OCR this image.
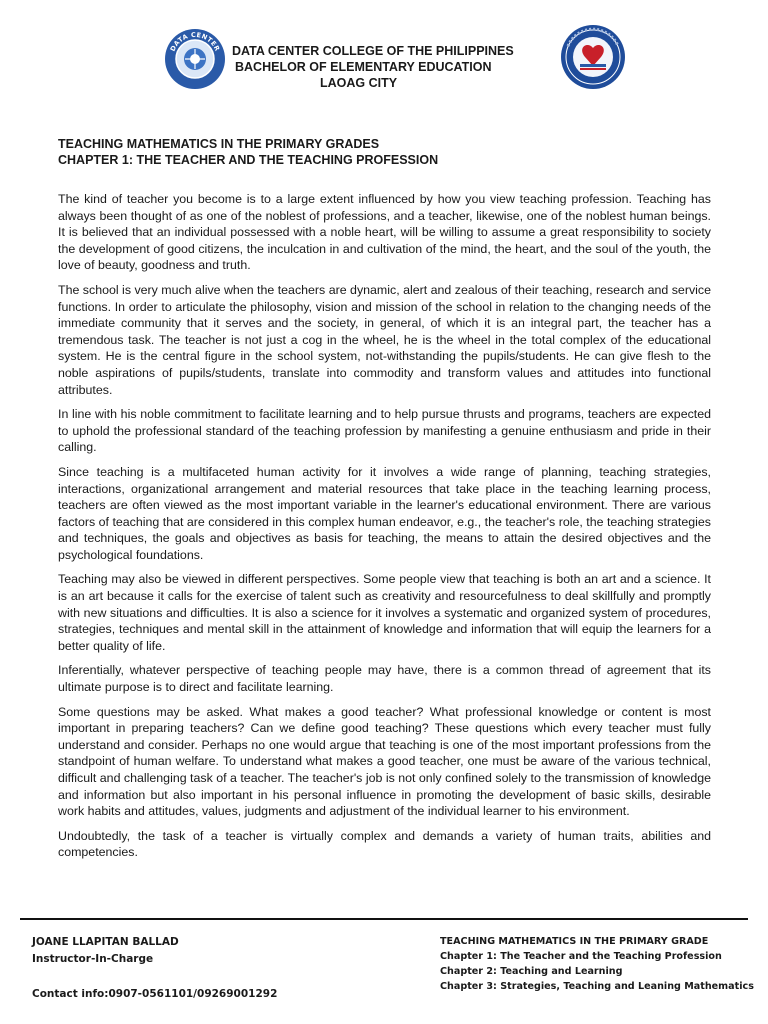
DATA CENTER DATA CENTER COLLEGE OF THE PHILIPPINES
BACHELOR OF ELEMENTARY EDUCATION
LAOAG CITY
TEACHING MATHEMATICS IN THE PRIMARY GRADES
CHAPTER 1: THE TEACHER AND THE TEACHING PROFESSION

The kind of teacher you become is to a large extent influenced by how you view teaching profession. Teaching has always been thought of as one of the noblest of professions, and a teacher, likewise, one of the noblest human beings. It is believed that an individual possessed with a noble heart, will be willing to assume a great responsibility to society the development of good citizens, the inculcation in and cultivation of the mind, the heart, and the soul of the youth, the love of beauty, goodness and truth.

The school is very much alive when the teachers are dynamic, alert and zealous of their teaching, research and service functions. In order to articulate the philosophy, vision and mission of the school in relation to the changing needs of the immediate community that it serves and the society, in general, of which it is an integral part, the teacher has a tremendous task. The teacher is not just a cog in the wheel, he is the wheel in the total complex of the educational system. He is the central figure in the school system, not-withstanding the pupils/students. He can give flesh to the noble aspirations of pupils/students, translate into commodity and transform values and attitudes into functional attributes.

In line with his noble commitment to facilitate learning and to help pursue thrusts and programs, teachers are expected to uphold the professional standard of the teaching profession by manifesting a genuine enthusiasm and pride in their calling.

Since teaching is a multifaceted human activity for it involves a wide range of planning, teaching strategies, interactions, organizational arrangement and material resources that take place in the teaching learning process, teachers are often viewed as the most important variable in the learner's educational environment. There are various factors of teaching that are considered in this complex human endeavor, e.g., the teacher's role, the teaching strategies and techniques, the goals and objectives as basis for teaching, the means to attain the desired objectives and the psychological foundations.

Teaching may also be viewed in different perspectives. Some people view that teaching is both an art and a science. It is an art because it calls for the exercise of talent such as creativity and resourcefulness to deal skillfully and promptly with new situations and difficulties. It is also a science for it involves a systematic and organized system of procedures, strategies, techniques and mental skill in the attainment of knowledge and information that will equip the learners for a better quality of life.

Inferentially, whatever perspective of teaching people may have, there is a common thread of agreement that its ultimate purpose is to direct and facilitate learning.

Some questions may be asked. What makes a good teacher? What professional knowledge or content is most important in preparing teachers? Can we define good teaching? These questions which every teacher must fully understand and consider. Perhaps no one would argue that teaching is one of the most important professions from the standpoint of human welfare. To understand what makes a good teacher, one must be aware of the various technical, difficult and challenging task of a teacher. The teacher's job is not only confined solely to the transmission of knowledge and information but also important in his personal influence in promoting the development of basic skills, desirable work habits and attitudes, values, judgments and adjustment of the individual learner to his environment.

Undoubtedly, the task of a teacher is virtually complex and demands a variety of human traits, abilities and competencies.

JOANE LLAPITAN BALLAD
Instructor-In-Charge
Contact info:0907-0561101/09269001292
TEACHING MATHEMATICS IN THE PRIMARY GRADE
Chapter 1: The Teacher and the Teaching Profession
Chapter 2: Teaching and Learning
Chapter 3: Strategies, Teaching and Leaning Mathematics
